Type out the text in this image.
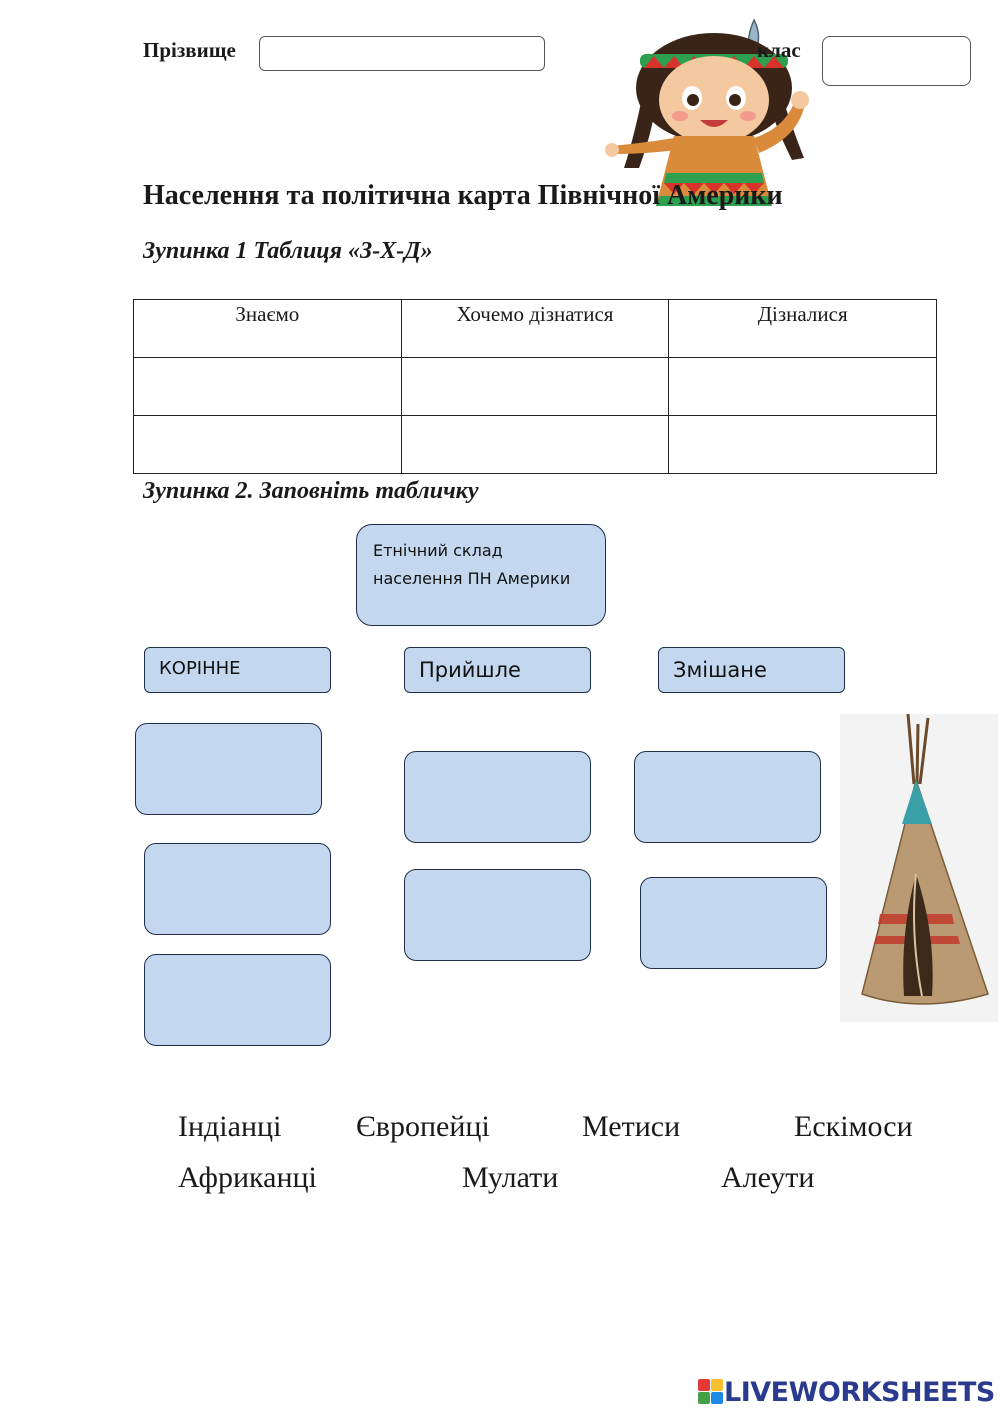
Прізвище	клас
Населення та політична карта Північної Америки
Зупинка 1 Таблиця «З-Х-Д»
Знаємо	Хочемо дізнатися	Дізналися

Зупинка 2. Заповніть табличку
Етнічний склад
населення ПН Америки
КОРІННЕ	Прийшле	Змішане
Індіанці Європейці	Метиси	Ескімоси
Африканці	Мулати	Алеути
LIVEWORKSHEETS
